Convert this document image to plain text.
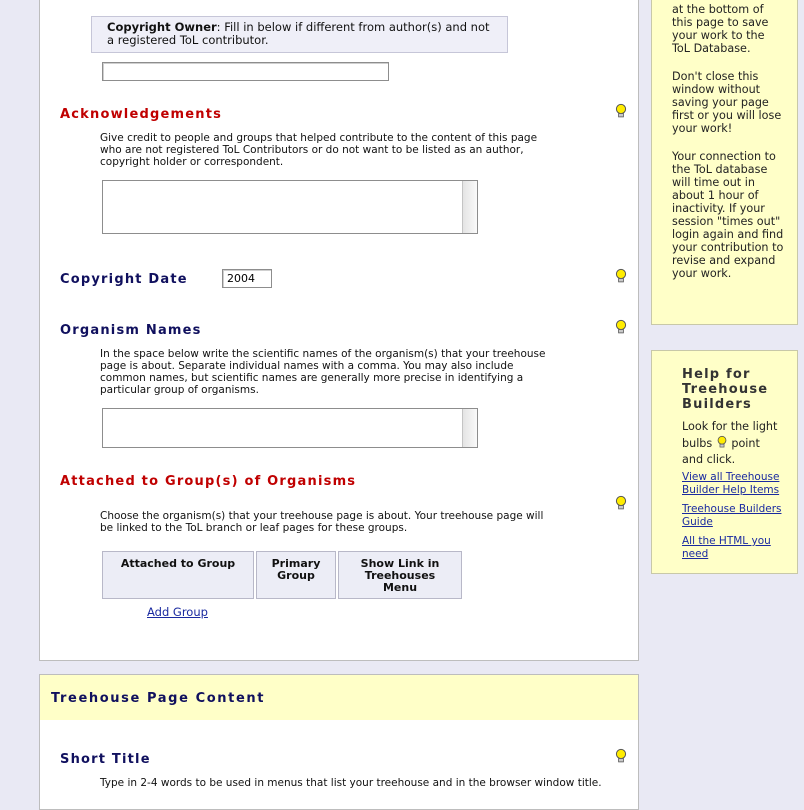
Copyright Owner: Fill in below if different from author(s) and not a registered ToL contributor.
Acknowledgements
Give credit to people and groups that helped contribute to the content of this page who are not registered ToL Contributors or do not want to be listed as an author, copyright holder or correspondent.
Copyright Date
2004
Organism Names
In the space below write the scientific names of the organism(s) that your treehouse page is about. Separate individual names with a comma. You may also include common names, but scientific names are generally more precise in identifying a particular group of organisms.
Attached to Group(s) of Organisms
Choose the organism(s) that your treehouse page is about. Your treehouse page will be linked to the ToL branch or leaf pages for these groups.
Attached to Group	Primary Group
Show Link in Treehouses Menu
Add Group
Treehouse Page Content
Short Title
Type in 2-4 words to be used in menus that list your treehouse and in the browser window title.
at the bottom of this page to save your work to the ToL Database.
Don't close this window without saving your page first or you will lose your work!
Your connection to the ToL database will time out in about 1 hour of inactivity. If your session "times out" login again and find your contribution to revise and expand your work.
Help for Treehouse Builders
Look for the light bulbs point and click.
View all Treehouse Builder Help Items
Treehouse Builders Guide
All the HTML you need
